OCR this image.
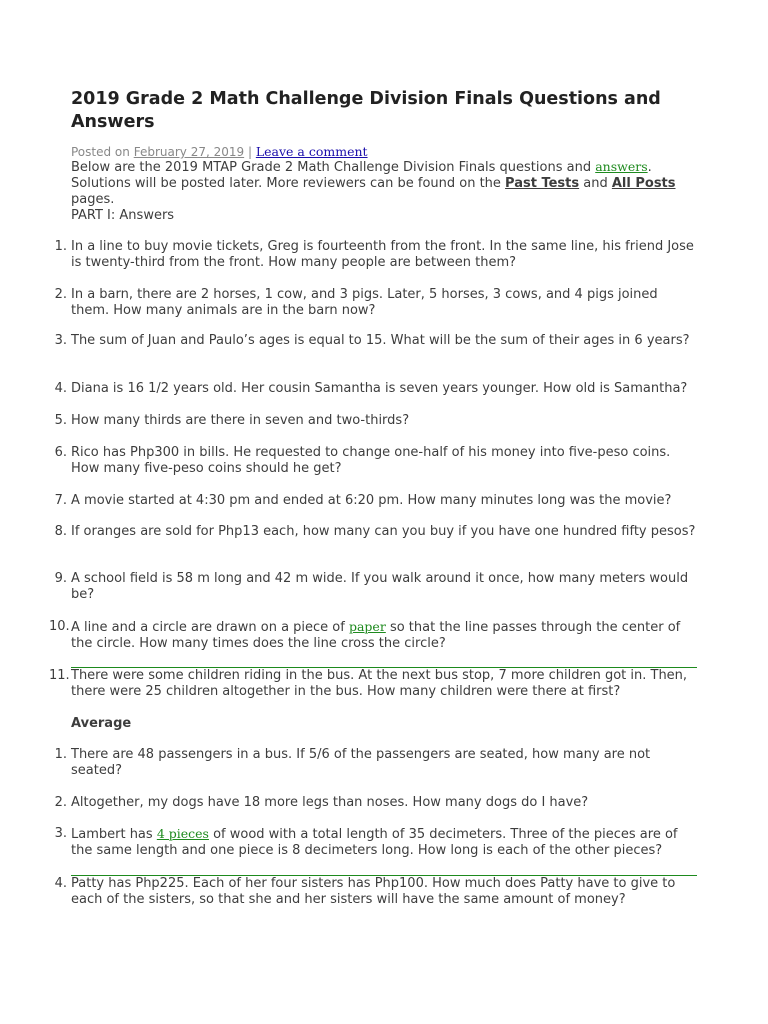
2019 Grade 2 Math Challenge Division Finals Questions and Answers
Posted on February 27, 2019 | Leave a comment
Below are the 2019 MTAP Grade 2 Math Challenge Division Finals questions and answers. Solutions will be posted later. More reviewers can be found on the Past Tests and All Posts pages.
PART I: Answers
1. In a line to buy movie tickets, Greg is fourteenth from the front. In the same line, his friend Jose is twenty-third from the front. How many people are between them?
2. In a barn, there are 2 horses, 1 cow, and 3 pigs. Later, 5 horses, 3 cows, and 4 pigs joined them. How many animals are in the barn now?
3. The sum of Juan and Paulo’s ages is equal to 15. What will be the sum of their ages in 6 years?
4. Diana is 16 1/2 years old. Her cousin Samantha is seven years younger. How old is Samantha?
5. How many thirds are there in seven and two-thirds?
6. Rico has Php300 in bills. He requested to change one-half of his money into five-peso coins. How many five-peso coins should he get?
7. A movie started at 4:30 pm and ended at 6:20 pm. How many minutes long was the movie?
8. If oranges are sold for Php13 each, how many can you buy if you have one hundred fifty pesos?
9. A school field is 58 m long and 42 m wide. If you walk around it once, how many meters would be?
10. A line and a circle are drawn on a piece of paper so that the line passes through the center of the circle. How many times does the line cross the circle?
11. There were some children riding in the bus. At the next bus stop, 7 more children got in. Then, there were 25 children altogether in the bus. How many children were there at first?
Average
1. There are 48 passengers in a bus. If 5/6 of the passengers are seated, how many are not seated?
2. Altogether, my dogs have 18 more legs than noses. How many dogs do I have?
3. Lambert has 4 pieces of wood with a total length of 35 decimeters. Three of the pieces are of the same length and one piece is 8 decimeters long. How long is each of the other pieces?
4. Patty has Php225. Each of her four sisters has Php100. How much does Patty have to give to each of the sisters, so that she and her sisters will have the same amount of money?
